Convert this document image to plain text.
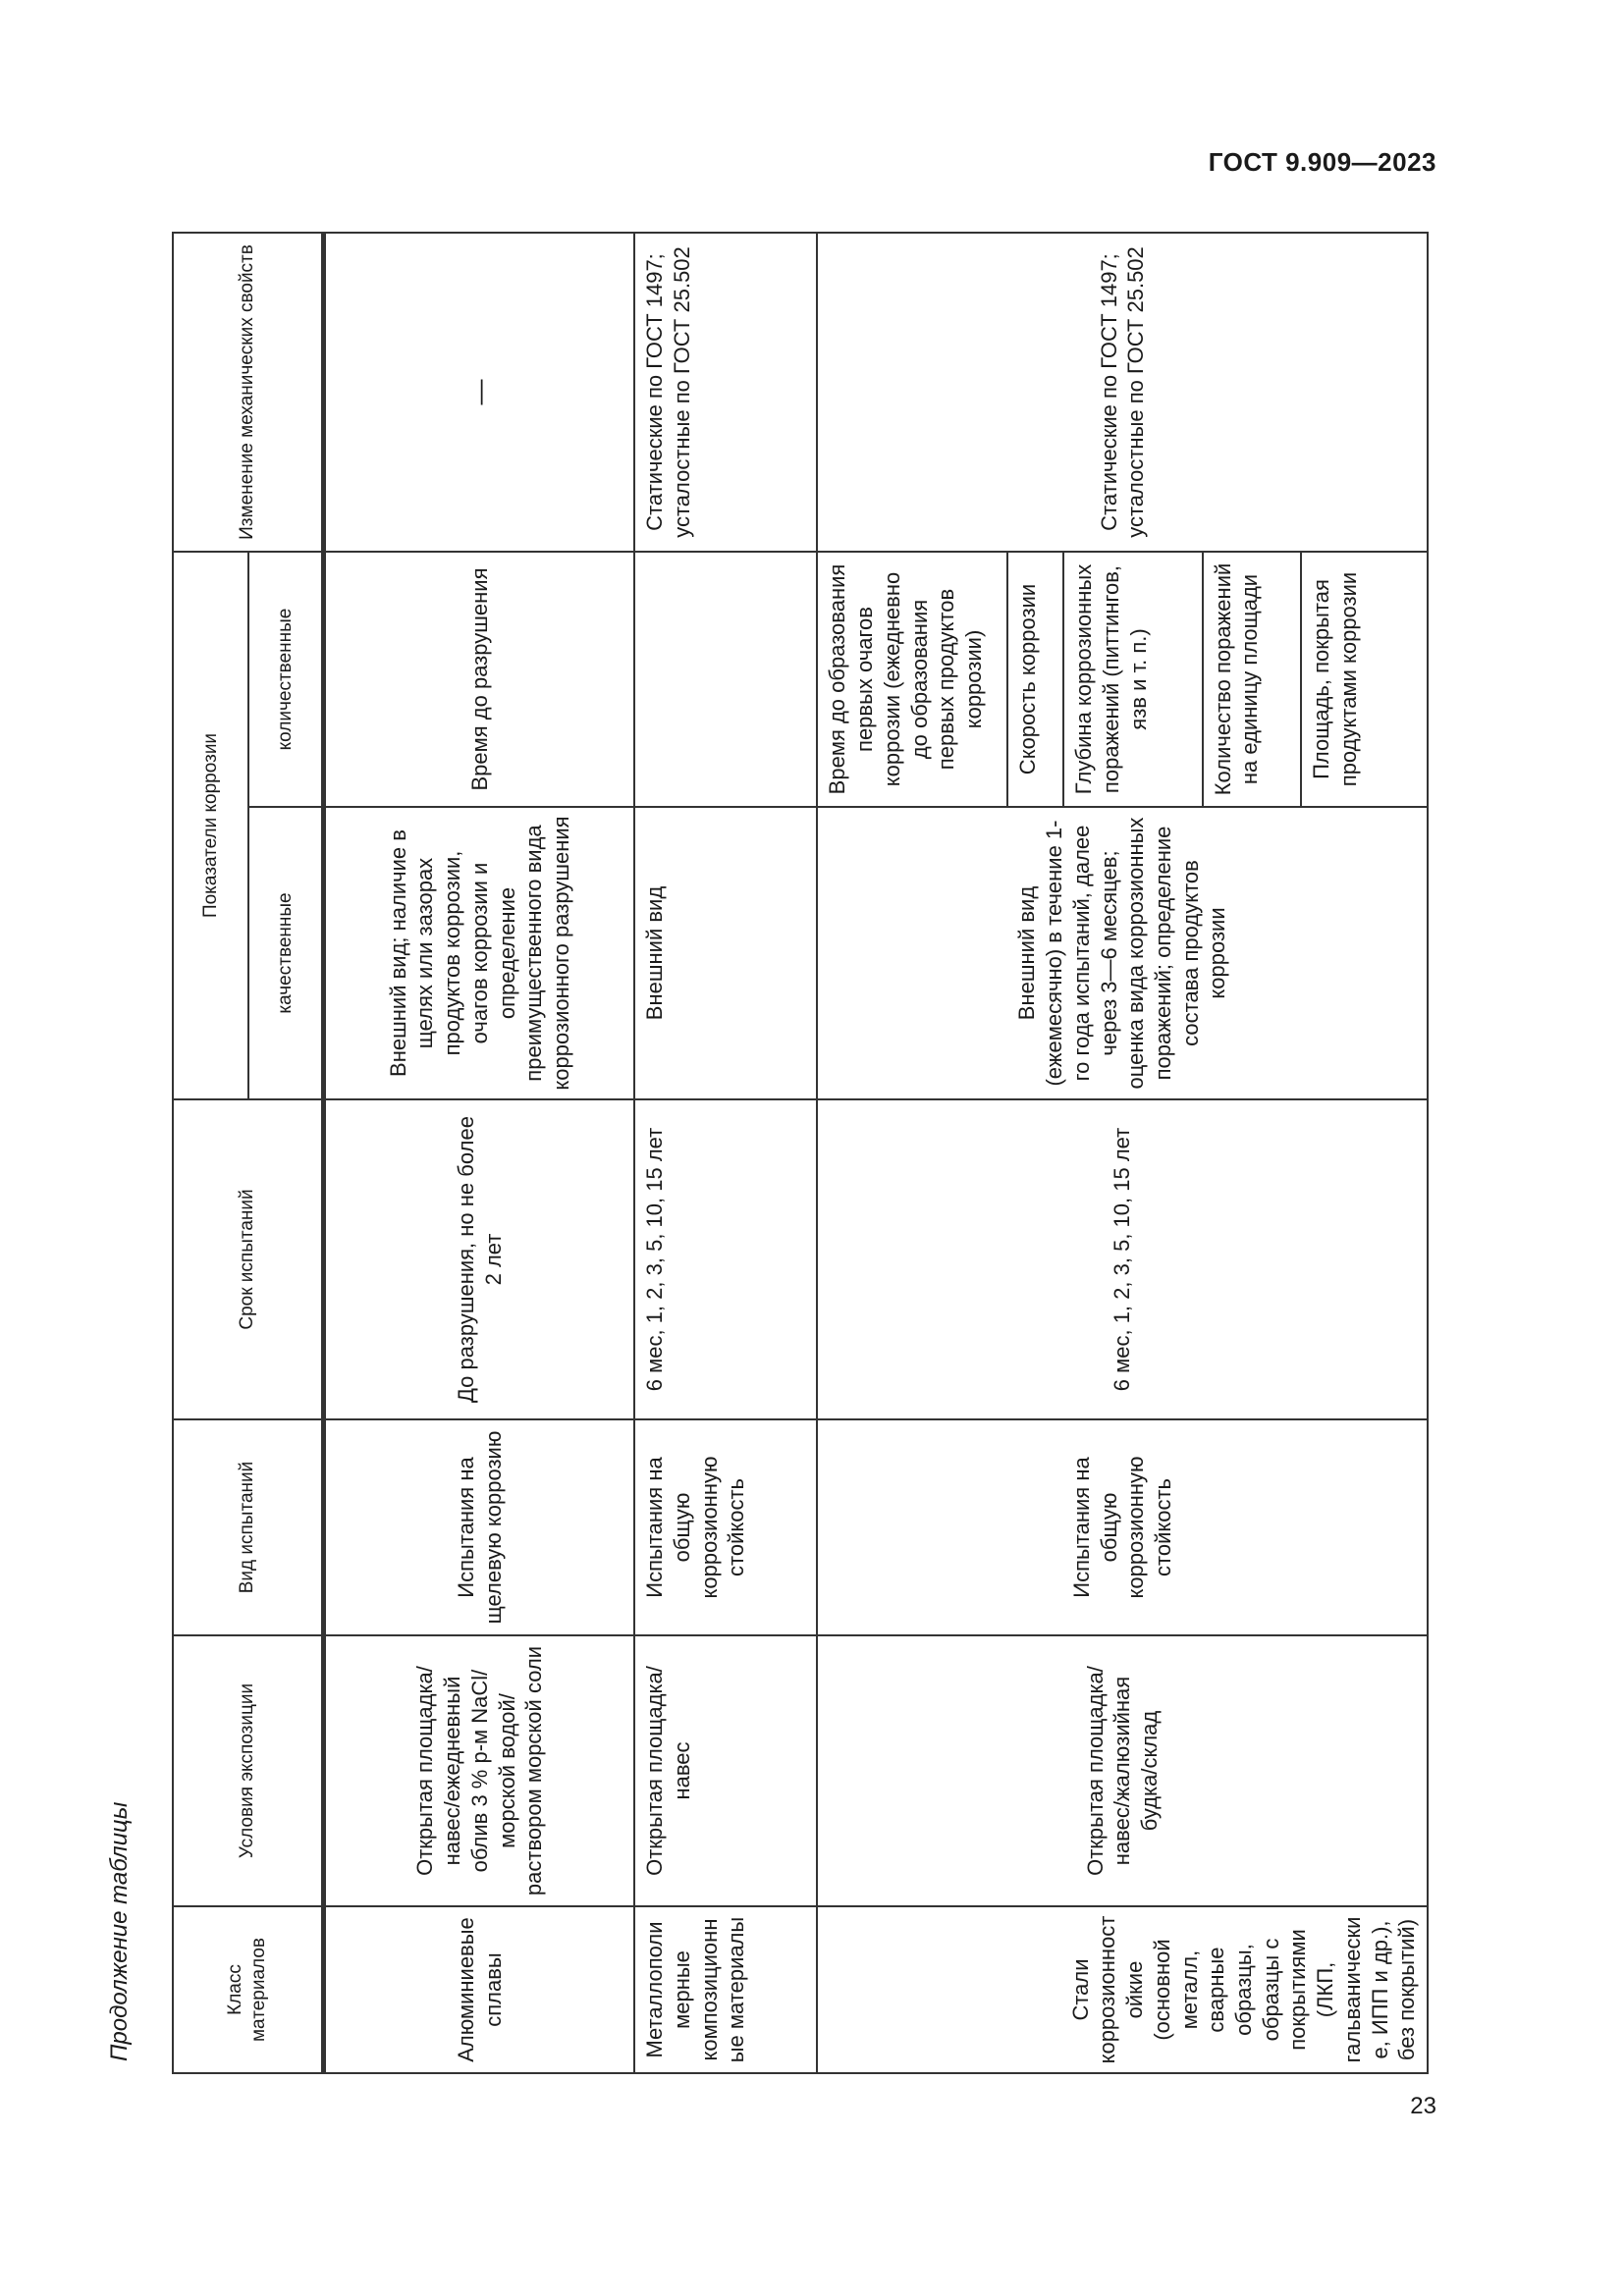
ГОСТ 9.909—2023
Продолжение таблицы	Класс материалов	Условия экспозиции	Вид испытаний	Срок испытаний	Показатели коррозии		Изменение механических свойств
				качественные	количественные	

Алюминиевые сплавы	Открытая площадка/навес/ежедневный облив 3 % р-м NaCl/морской водой/раствором морской соли	Испытания на щелевую коррозию	До разрушения, но не более 2 лет	Внешний вид; наличие в щелях или зазорах продуктов коррозии, очагов коррозии и определение преимущественного вида коррозионного разрушения	Время до разрушения	—
Металлополимерные композиционные материалы	Открытая площадка/навес	Испытания на общую коррозионную стойкость	6 мес, 1, 2, 3, 5, 10, 15 лет	Внешний вид		Статические по ГОСТ 1497; усталостные по ГОСТ 25.502
Стали коррозионностойкие (основной металл, сварные образцы, образцы с покрытиями (ЛКП, гальванические, ИПП и др.), без покрытий)	Открытая площадка/навес/жалюзийная будка/склад	Испытания на общую коррозионную стойкость	6 мес, 1, 2, 3, 5, 10, 15 лет	Внешний вид (ежемесячно) в течение 1-го года испытаний, далее через 3—6 месяцев; оценка вида коррозионных поражений; определение состава продуктов коррозии	Время до образования первых очагов коррозии (ежедневно до образования первых продуктов коррозии)	Статические по ГОСТ 1497; усталостные по ГОСТ 25.502
					Скорость коррозии	
					Глубина коррозионных поражений (питтингов, язв и т. п.)	
					Количество поражений на единицу площади	
					Площадь, покрытая продуктами коррозии	
23
